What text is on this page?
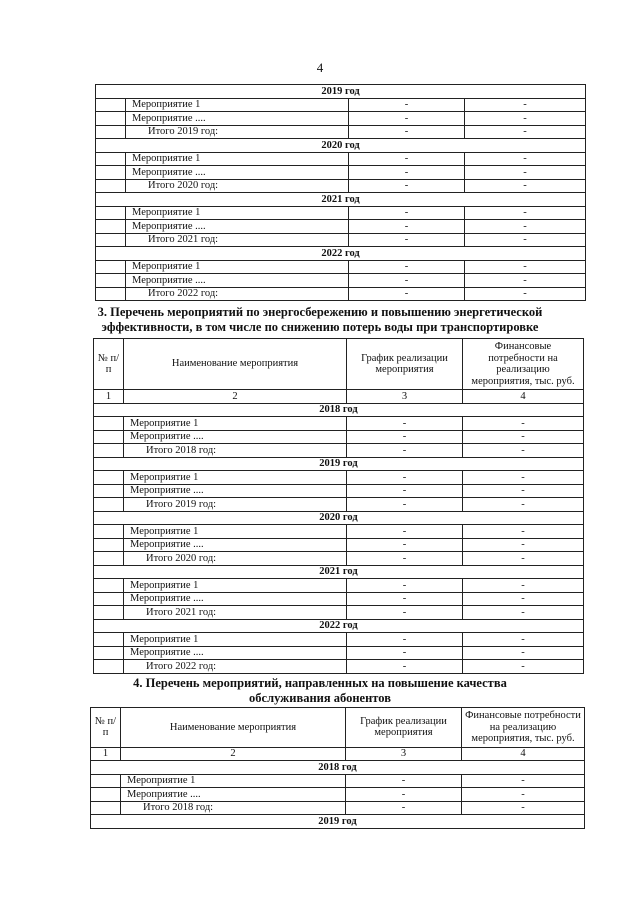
4
2019 год			
	Мероприятие 1	-	-
	Мероприятие ....	-	-
	Итого 2019 год:	-	-
2020 год			
	Мероприятие 1	-	-
	Мероприятие ....	-	-
	Итого 2020 год:	-	-
2021 год			
	Мероприятие 1	-	-
	Мероприятие ....	-	-
	Итого 2021 год:	-	-
2022 год			
	Мероприятие 1	-	-
	Мероприятие ....	-	-
	Итого 2022 год:	-	-
3. Перечень мероприятий по энергосбережению и повышению энергетической
эффективности, в том числе по снижению потерь воды при транспортировке
№ п/п	Наименование мероприятия	График реализации мероприятия	Финансовые потребности на реализацию мероприятия, тыс. руб.
1	2	3	4
2018 год			
	Мероприятие 1	-	-
	Мероприятие ....	-	-
	Итого 2018 год:	-	-
2019 год			
	Мероприятие 1	-	-
	Мероприятие ....	-	-
	Итого 2019 год:	-	-
2020 год			
	Мероприятие 1	-	-
	Мероприятие ....	-	-
	Итого 2020 год:	-	-
2021 год			
	Мероприятие 1	-	-
	Мероприятие ....	-	-
	Итого 2021 год:	-	-
2022 год			
	Мероприятие 1	-	-
	Мероприятие ....	-	-
	Итого 2022 год:	-	-
4. Перечень мероприятий, направленных на повышение качества
обслуживания абонентов
№ п/п	Наименование мероприятия	График реализации мероприятия	Финансовые потребности на реализацию мероприятия, тыс. руб.
1	2	3	4
2018 год			
	Мероприятие 1	-	-
	Мероприятие ....	-	-
	Итого 2018 год:	-	-
2019 год			
